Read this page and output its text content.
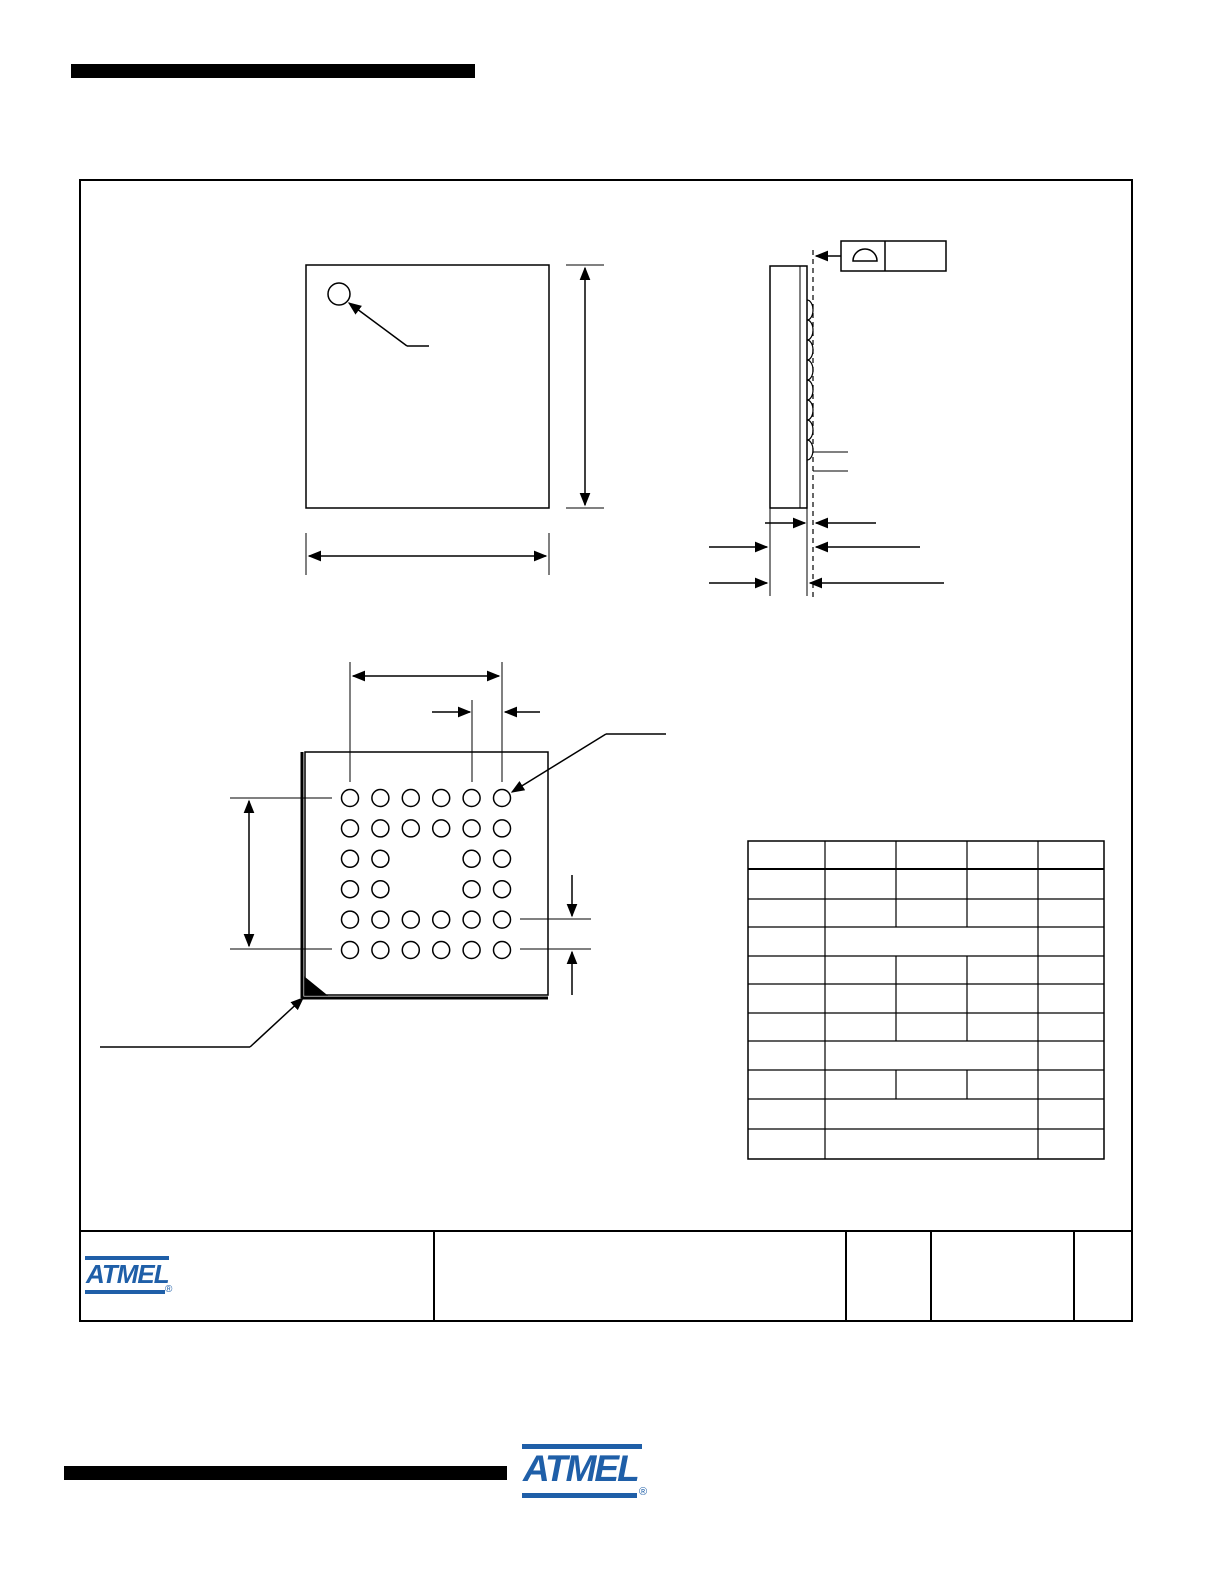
ATMEL
®
ATMEL
®
